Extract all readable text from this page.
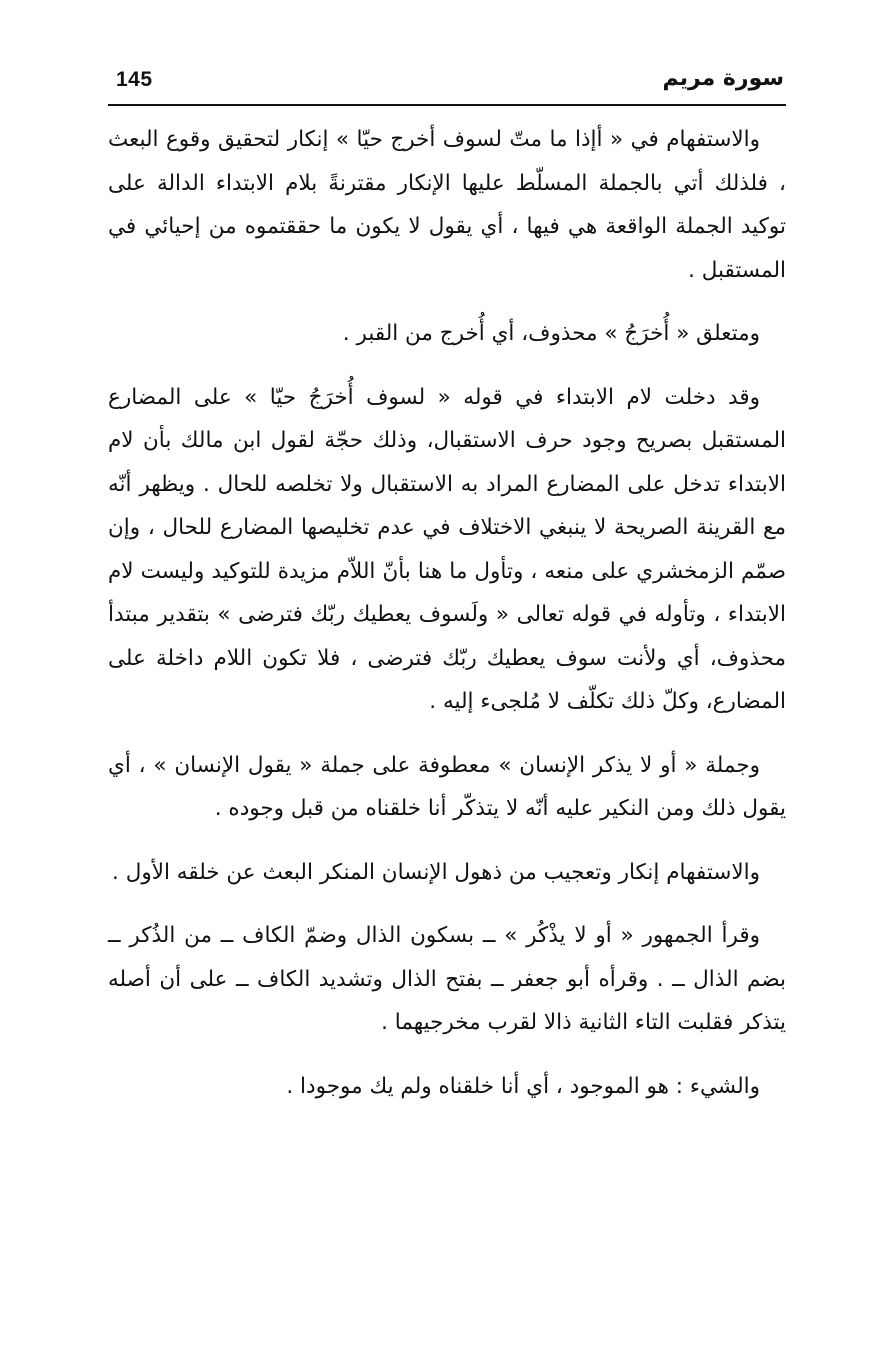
145	سورة مريم

والاستفهام في « أإذا ما متّ لسوف أخرج حيّا » إنكار لتحقيق وقوع البعث ، فلذلك أتي بالجملة المسلّط عليها الإنكار مقترنةً بلام الابتداء الدالة على توكيد الجملة الواقعة هي فيها ، أي يقول لا يكون ما حققتموه من إحيائي في المستقبل .

ومتعلق « أُخرَجُ » محذوف، أي أُخرج من القبر .

وقد دخلت لام الابتداء في قوله « لسوف أُخرَجُ حيّا » على المضارع المستقبل بصريح وجود حرف الاستقبال، وذلك حجّة لقول ابن مالك بأن لام الابتداء تدخل على المضارع المراد به الاستقبال ولا تخلصه للحال . ويظهر أنّه مع القرينة الصريحة لا ينبغي الاختلاف في عدم تخليصها المضارع للحال ، وإن صمّم الزمخشري على منعه ، وتأول ما هنا بأنّ اللاّم مزيدة للتوكيد وليست لام الابتداء ، وتأوله في قوله تعالى « ولَسوف يعطيك ربّك فترضى » بتقدير مبتدأ محذوف، أي ولأنت سوف يعطيك ربّك فترضى ، فلا تكون اللام داخلة على المضارع، وكلّ ذلك تكلّف لا مُلجىء إليه .

وجملة « أو لا يذكر الإنسان » معطوفة على جملة « يقول الإنسان » ، أي يقول ذلك ومن النكير عليه أنّه لا يتذكّر أنا خلقناه من قبل وجوده .

والاستفهام إنكار وتعجيب من ذهول الإنسان المنكر البعث عن خلقه الأول .

وقرأ الجمهور « أو لا يذْكُر » ــ بسكون الذال وضمّ الكاف ــ من الذُكر ــ بضم الذال ــ . وقرأه أبو جعفر ــ بفتح الذال وتشديد الكاف ــ على أن أصله يتذكر فقلبت التاء الثانية ذالا لقرب مخرجيهما .

والشيء : هو الموجود ، أي أنا خلقناه ولم يك موجودا .
